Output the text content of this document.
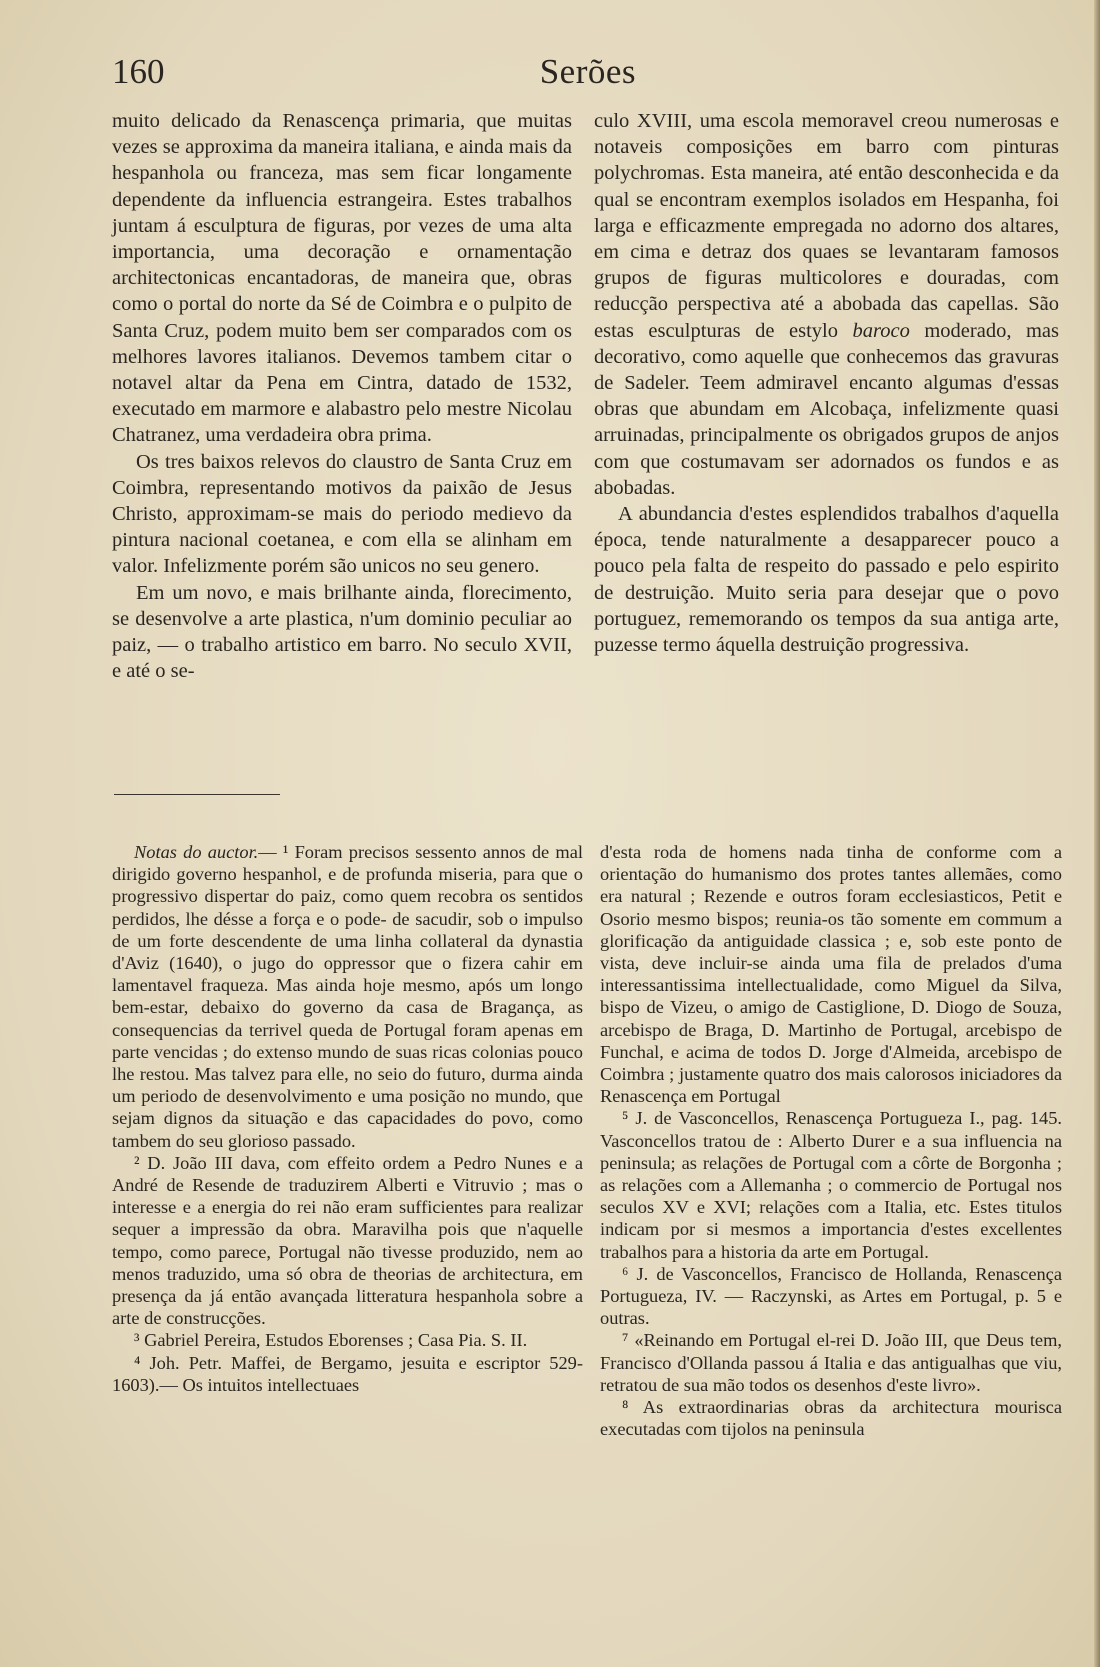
160	Serões

muito delicado da Renascença primaria, que muitas vezes se approxima da maneira italiana, e ainda mais da hespanhola ou franceza, mas sem ficar longamente dependente da influencia estrangeira. Estes trabalhos juntam á esculptura de figuras, por vezes de uma alta importancia, uma decoração e ornamentação architectonicas encantadoras, de maneira que, obras como o portal do norte da Sé de Coimbra e o pulpito de Santa Cruz, podem muito bem ser comparados com os melhores lavores italianos. Devemos tambem citar o notavel altar da Pena em Cintra, datado de 1532, executado em marmore e alabastro pelo mestre Nicolau Chatranez, uma verdadeira obra prima.

Os tres baixos relevos do claustro de Santa Cruz em Coimbra, representando motivos da paixão de Jesus Christo, approximam-se mais do periodo medievo da pintura nacional coetanea, e com ella se alinham em valor. Infelizmente porém são unicos no seu genero.

Em um novo, e mais brilhante ainda, florecimento, se desenvolve a arte plastica, n'um dominio peculiar ao paiz, — o trabalho artistico em barro. No seculo XVII, e até o se-

culo XVIII, uma escola memoravel creou numerosas e notaveis composições em barro com pinturas polychromas. Esta maneira, até então desconhecida e da qual se encontram exemplos isolados em Hespanha, foi larga e efficazmente empregada no adorno dos altares, em cima e detraz dos quaes se levantaram famosos grupos de figuras multicolores e douradas, com reducção perspectiva até a abobada das capellas. São estas esculpturas de estylo baroco moderado, mas decorativo, como aquelle que conhecemos das gravuras de Sadeler. Teem admiravel encanto algumas d'essas obras que abundam em Alcobaça, infelizmente quasi arruinadas, principalmente os obrigados grupos de anjos com que costumavam ser adornados os fundos e as abobadas.

A abundancia d'estes esplendidos trabalhos d'aquella época, tende naturalmente a desapparecer pouco a pouco pela falta de respeito do passado e pelo espirito de destruição. Muito seria para desejar que o povo portuguez, rememorando os tempos da sua antiga arte, puzesse termo áquella destruição progressiva.

Notas do auctor.— ¹ Foram precisos sessento annos de mal dirigido governo hespanhol, e de profunda miseria, para que o progressivo dispertar do paiz, como quem recobra os sentidos perdidos, lhe désse a força e o pode- de sacudir, sob o impulso de um forte descendente de uma linha collateral da dynastia d'Aviz (1640), o jugo do oppressor que o fizera cahir em lamentavel fraqueza. Mas ainda hoje mesmo, após um longo bem-estar, debaixo do governo da casa de Bragança, as consequencias da terrivel queda de Portugal foram apenas em parte vencidas ; do extenso mundo de suas ricas colonias pouco lhe restou. Mas talvez para elle, no seio do futuro, durma ainda um periodo de desenvolvimento e uma posição no mundo, que sejam dignos da situação e das capacidades do povo, como tambem do seu glorioso passado.

² D. João III dava, com effeito ordem a Pedro Nunes e a André de Resende de traduzirem Alberti e Vitruvio ; mas o interesse e a energia do rei não eram sufficientes para realizar sequer a impressão da obra. Maravilha pois que n'aquelle tempo, como parece, Portugal não tivesse produzido, nem ao menos traduzido, uma só obra de theorias de architectura, em presença da já então avançada litteratura hespanhola sobre a arte de construcções.

³ Gabriel Pereira, Estudos Eborenses ; Casa Pia. S. II.

⁴ Joh. Petr. Maffei, de Bergamo, jesuita e escriptor 529-1603).— Os intuitos intellectuaes

d'esta roda de homens nada tinha de conforme com a orientação do humanismo dos protes tantes allemães, como era natural ; Rezende e outros foram ecclesiasticos, Petit e Osorio mesmo bispos; reunia-os tão somente em commum a glorificação da antiguidade classica ; e, sob este ponto de vista, deve incluir-se ainda uma fila de prelados d'uma interessantissima intellectualidade, como Miguel da Silva, bispo de Vizeu, o amigo de Castiglione, D. Diogo de Souza, arcebispo de Braga, D. Martinho de Portugal, arcebispo de Funchal, e acima de todos D. Jorge d'Almeida, arcebispo de Coimbra ; justamente quatro dos mais calorosos iniciadores da Renascença em Portugal

⁵ J. de Vasconcellos, Renascença Portugueza I., pag. 145. Vasconcellos tratou de : Alberto Durer e a sua influencia na peninsula; as relações de Portugal com a côrte de Borgonha ; as relações com a Allemanha ; o commercio de Portugal nos seculos XV e XVI; relações com a Italia, etc. Estes titulos indicam por si mesmos a importancia d'estes excellentes trabalhos para a historia da arte em Portugal.

⁶ J. de Vasconcellos, Francisco de Hollanda, Renascença Portugueza, IV. — Raczynski, as Artes em Portugal, p. 5 e outras.

⁷ «Reinando em Portugal el-rei D. João III, que Deus tem, Francisco d'Ollanda passou á Italia e das antigualhas que viu, retratou de sua mão todos os desenhos d'este livro».

⁸ As extraordinarias obras da architectura mourisca executadas com tijolos na peninsula
